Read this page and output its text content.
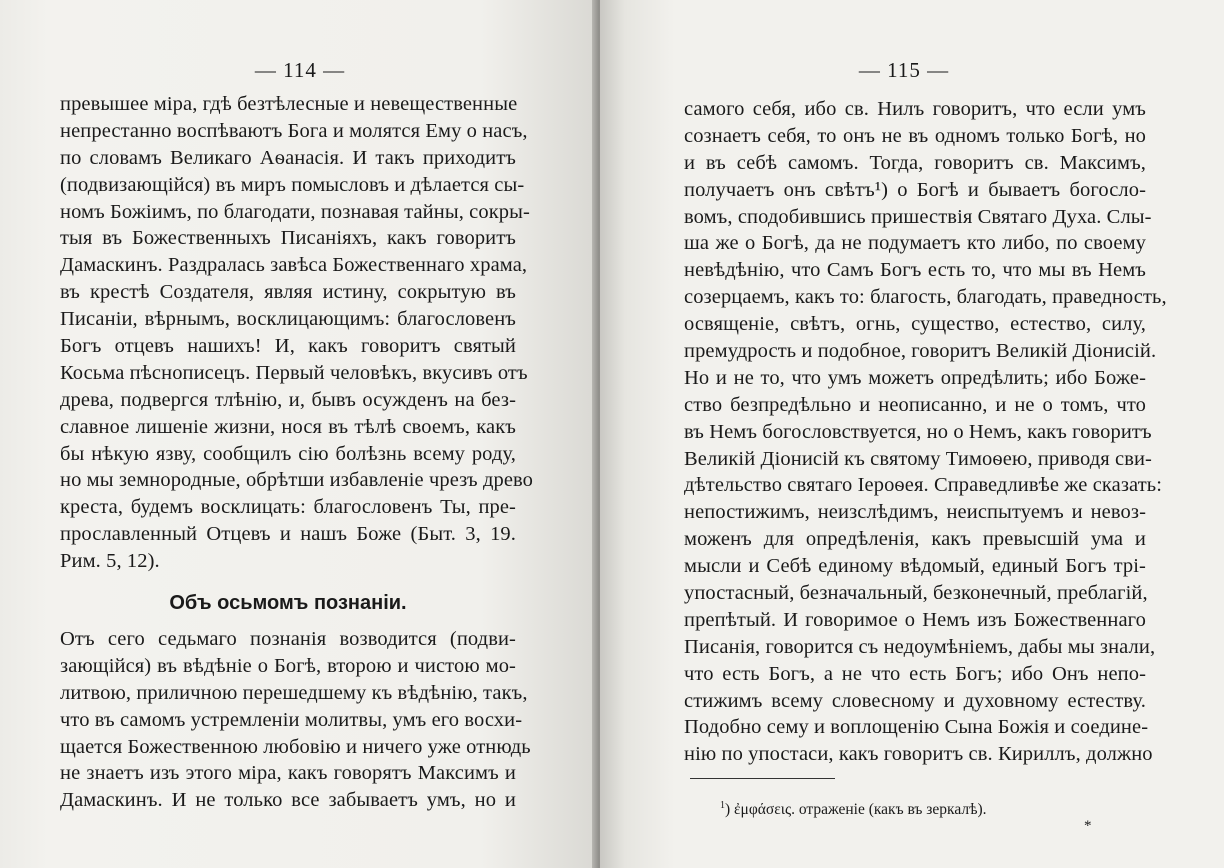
— 114 —
превышеe міра, гдѣ безтѣлесные и невещественные
непрестанно воспѣваютъ Бога и молятся Ему о насъ,
по словамъ Великаго Аѳанасія. И такъ приходитъ
(подвизающійся) въ миръ помысловъ и дѣлается сы-
номъ Божіимъ, по благодати, познавая тайны, сокры-
тыя въ Божественныхъ Писаніяхъ, какъ говоритъ
Дамаскинъ. Раздралась завѣса Божественнаго храма,
въ крестѣ Создателя, являя истину, сокрытую въ
Писаніи, вѣрнымъ, восклицающимъ: благословенъ
Богъ отцевъ нашихъ! И, какъ говоритъ святый
Косьма пѣснописецъ. Первый человѣкъ, вкусивъ отъ
древа, подвергся тлѣнію, и, бывъ осужденъ на без-
славное лишеніе жизни, нося въ тѣлѣ своемъ, какъ
бы нѣкую язву, сообщилъ сію болѣзнь всему роду,
но мы земнородные, обрѣтши избавленіе чрезъ древо
креста, будемъ восклицать: благословенъ Ты, пре-
прославленный Отцевъ и нашъ Боже (Быт. 3, 19.
Рим. 5, 12).
Объ осьмомъ познаніи.
Отъ сего седьмаго познанія возводится (подви-
зающійся) въ вѣдѣніе о Богѣ, второю и чистою мо-
литвою, приличною перешедшему къ вѣдѣнію, такъ,
что въ самомъ устремленіи молитвы, умъ его восхи-
щается Божественною любовію и ничего уже отнюдь
не знаетъ изъ этого міра, какъ говорятъ Максимъ и
Дамаскинъ. И не только все забываетъ умъ, но и
— 115 —
самого себя, ибо св. Нилъ говоритъ, что если умъ
сознаетъ себя, то онъ не въ одномъ только Богѣ, но
и въ себѣ самомъ. Тогда, говоритъ св. Максимъ,
получаетъ онъ свѣтъ¹) о Богѣ и бываетъ богосло-
вомъ, сподобившись пришествія Святаго Духа. Слы-
ша же о Богѣ, да не подумаетъ кто либо, по своему
невѣдѣнію, что Самъ Богъ есть то, что мы въ Немъ
созерцаемъ, какъ то: благость, благодать, праведность,
освященіе, свѣтъ, огнь, существо, естество, силу,
премудрость и подобное, говоритъ Великій Діонисій.
Но и не то, что умъ можетъ опредѣлить; ибо Боже-
ство безпредѣльно и неописанно, и не о томъ, что
въ Немъ богословствуется, но о Немъ, какъ говоритъ
Великій Діонисій къ святому Тимоѳею, приводя сви-
дѣтельство святаго Іероѳея. Справедливѣе же сказать:
непостижимъ, неизслѣдимъ, неиспытуемъ и невоз-
моженъ для опредѣленія, какъ превысшій ума и
мысли и Себѣ единому вѣдомый, единый Богъ трі-
упостасный, безначальный, безконечный, преблагій,
препѣтый. И говоримое о Немъ изъ Божественнаго
Писанія, говорится съ недоумѣніемъ, дабы мы знали,
что есть Богъ, а не что есть Богъ; ибо Онъ непо-
стижимъ всему словесному и духовному естеству.
Подобно сему и воплощенію Сына Божія и соедине-
нію по упостаси, какъ говоритъ св. Кириллъ, должно
$^1$) ἐμφάσεις. отраженіе (какъ въ зеркалѣ).
*
